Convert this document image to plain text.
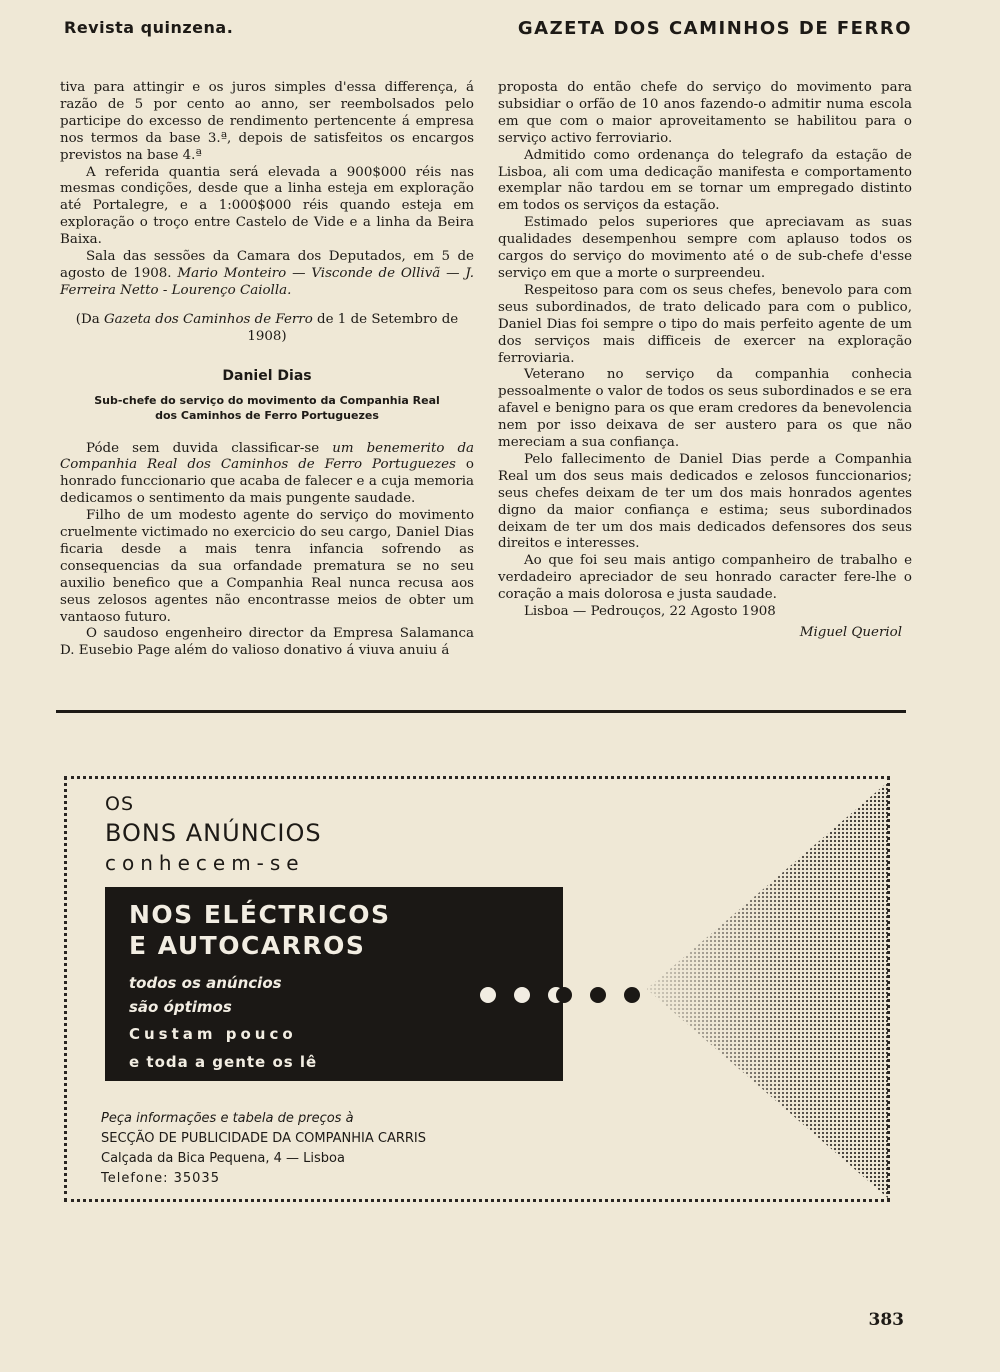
Revista quinzena.	GAZETA DOS CAMINHOS DE FERRO

tiva para attingir e os juros simples d'essa differença, á razão de 5 por cento ao anno, ser reembolsados pelo participe do excesso de rendimento pertencente á empresa nos termos da base 3.ª, depois de satisfeitos os encargos previstos na base 4.ª

A referida quantia será elevada a 900$000 réis nas mesmas condições, desde que a linha esteja em exploração até Portalegre, e a 1:000$000 réis quando esteja em exploração o troço entre Castelo de Vide e a linha da Beira Baixa.

Sala das sessões da Camara dos Deputados, em 5 de agosto de 1908. Mario Monteiro — Visconde de Ollivã — J. Ferreira Netto - Lourenço Caiolla.

(Da Gazeta dos Caminhos de Ferro de 1 de Setembro de 1908)

Daniel Dias

Sub-chefe do serviço do movimento da Companhia Real
dos Caminhos de Ferro Portuguezes

Póde sem duvida classificar-se um benemerito da Companhia Real dos Caminhos de Ferro Portuguezes o honrado funccionario que acaba de falecer e a cuja memoria dedicamos o sentimento da mais pungente saudade.

Filho de um modesto agente do serviço do movimento cruelmente victimado no exercicio do seu cargo, Daniel Dias ficaria desde a mais tenra infancia sofrendo as consequencias da sua orfandade prematura se no seu auxilio benefico que a Companhia Real nunca recusa aos seus zelosos agentes não encontrasse meios de obter um vantaoso futuro.

O saudoso engenheiro director da Empresa Salamanca D. Eusebio Page além do valioso donativo á viuva anuiu á

proposta do então chefe do serviço do movimento para subsidiar o orfão de 10 anos fazendo-o admitir numa escola em que com o maior aproveitamento se habilitou para o serviço activo ferroviario.

Admitido como ordenança do telegrafo da estação de Lisboa, ali com uma dedicação manifesta e comportamento exemplar não tardou em se tornar um empregado distinto em todos os serviços da estação.

Estimado pelos superiores que apreciavam as suas qualidades desempenhou sempre com aplauso todos os cargos do serviço do movimento até o de sub-chefe d'esse serviço em que a morte o surpreendeu.

Respeitoso para com os seus chefes, benevolo para com seus subordinados, de trato delicado para com o publico, Daniel Dias foi sempre o tipo do mais perfeito agente de um dos serviços mais difficeis de exercer na exploração ferroviaria.

Veterano no serviço da companhia conhecia pessoalmente o valor de todos os seus subordinados e se era afavel e benigno para os que eram credores da benevolencia nem por isso deixava de ser austero para os que não mereciam a sua confiança.

Pelo fallecimento de Daniel Dias perde a Companhia Real um dos seus mais dedicados e zelosos funccionarios; seus chefes deixam de ter um dos mais honrados agentes digno da maior confiança e estima; seus subordinados deixam de ter um dos mais dedicados defensores dos seus direitos e interesses.

Ao que foi seu mais antigo companheiro de trabalho e verdadeiro apreciador de seu honrado caracter fere-lhe o coração a mais dolorosa e justa saudade.

Lisboa — Pedrouços, 22 Agosto 1908

Miguel Queriol

OS
BONS ANÚNCIOS
conhecem-se
NOS ELÉCTRICOS
E AUTOCARROS
todos os anúncios
são óptimos
Custam pouco
e toda a gente os lê
Peça informações e tabela de preços à
SECÇÃO DE PUBLICIDADE DA COMPANHIA CARRIS
Calçada da Bica Pequena, 4 — Lisboa
Telefone: 35035
383
